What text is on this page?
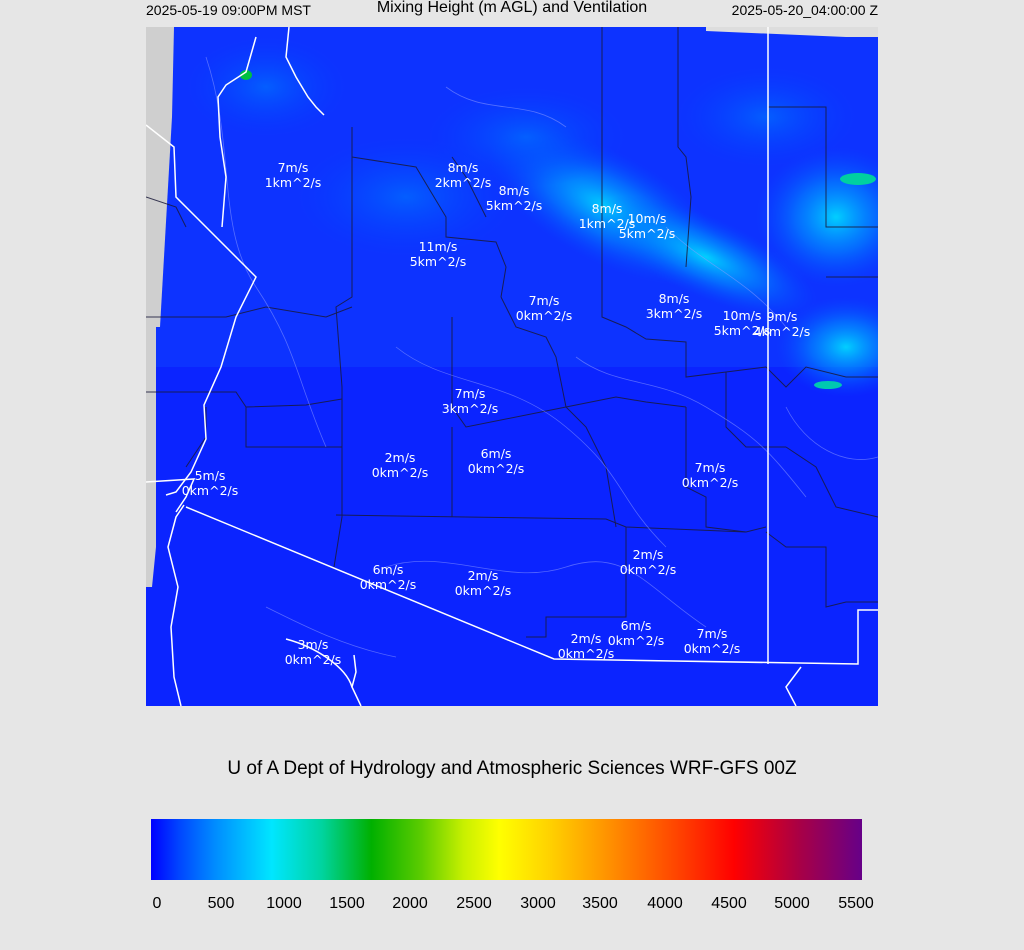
2025-05-19 09:00PM MST	Mixing Height (m AGL) and Ventilation	2025-05-20_04:00:00 Z
7m/s
1km^2/s
8m/s
2km^2/s
8m/s
5km^2/s	8m/s
1km^2/s
10m/s
5km^2/s
11m/s
5km^2/s
7m/s
0km^2/s
8m/s
3km^2/s	10m/s
5km^2/s
9m/s
4km^2/s
7m/s
3km^2/s
2m/s
0km^2/s
6m/s
0km^2/s	7m/s
0km^2/s
5m/s
0km^2/s
2m/s
0km^2/s
6m/s
0km^2/s
2m/s
0km^2/s
6m/s
0km^2/s
2m/s
0km^2/s
7m/s
0km^2/s
3m/s
0km^2/s
U of A Dept of Hydrology and Atmospheric Sciences WRF-GFS 00Z
0	500 1000 1500 2000 2500 3000 3500 4000 4500 5000 5500
